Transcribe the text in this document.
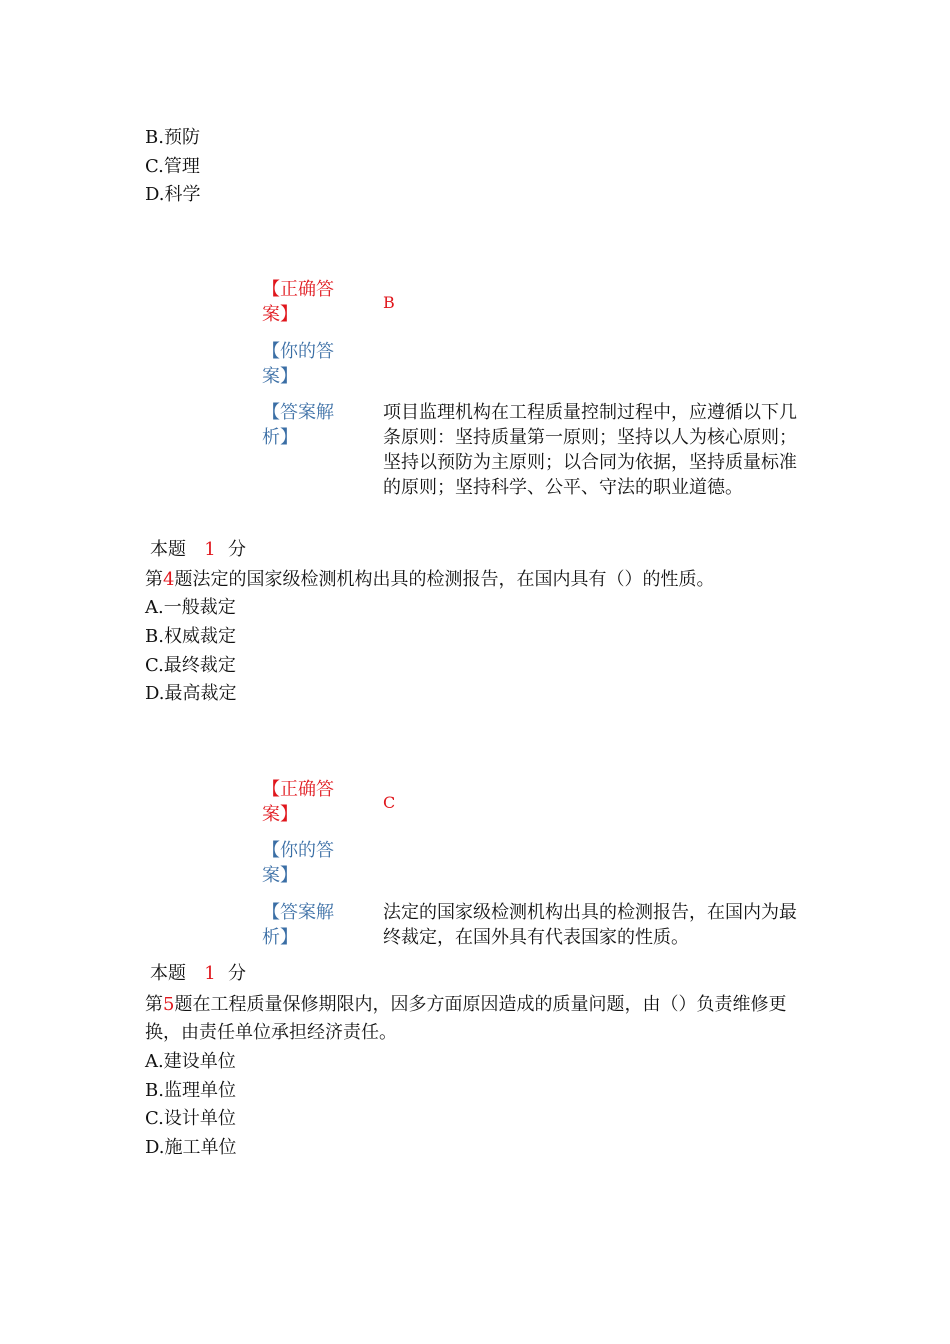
B.预防
C.管理
D.科学
【正确答案】
B
【你的答案】
【答案解析】
项目监理机构在工程质量控制过程中，应遵循以下几条原则：坚持质量第一原则；坚持以人为核心原则；坚持以预防为主原则；以合同为依据，坚持质量标准的原则；坚持科学、公平、守法的职业道德。
本题 1 分
第4题法定的国家级检测机构出具的检测报告，在国内具有（）的性质。
A.一般裁定
B.权威裁定
C.最终裁定
D.最高裁定
【正确答案】
C
【你的答案】
【答案解析】
法定的国家级检测机构出具的检测报告，在国内为最终裁定，在国外具有代表国家的性质。
本题 1 分
第5题在工程质量保修期限内，因多方面原因造成的质量问题，由（）负责维修更换，由责任单位承担经济责任。
A.建设单位
B.监理单位
C.设计单位
D.施工单位
